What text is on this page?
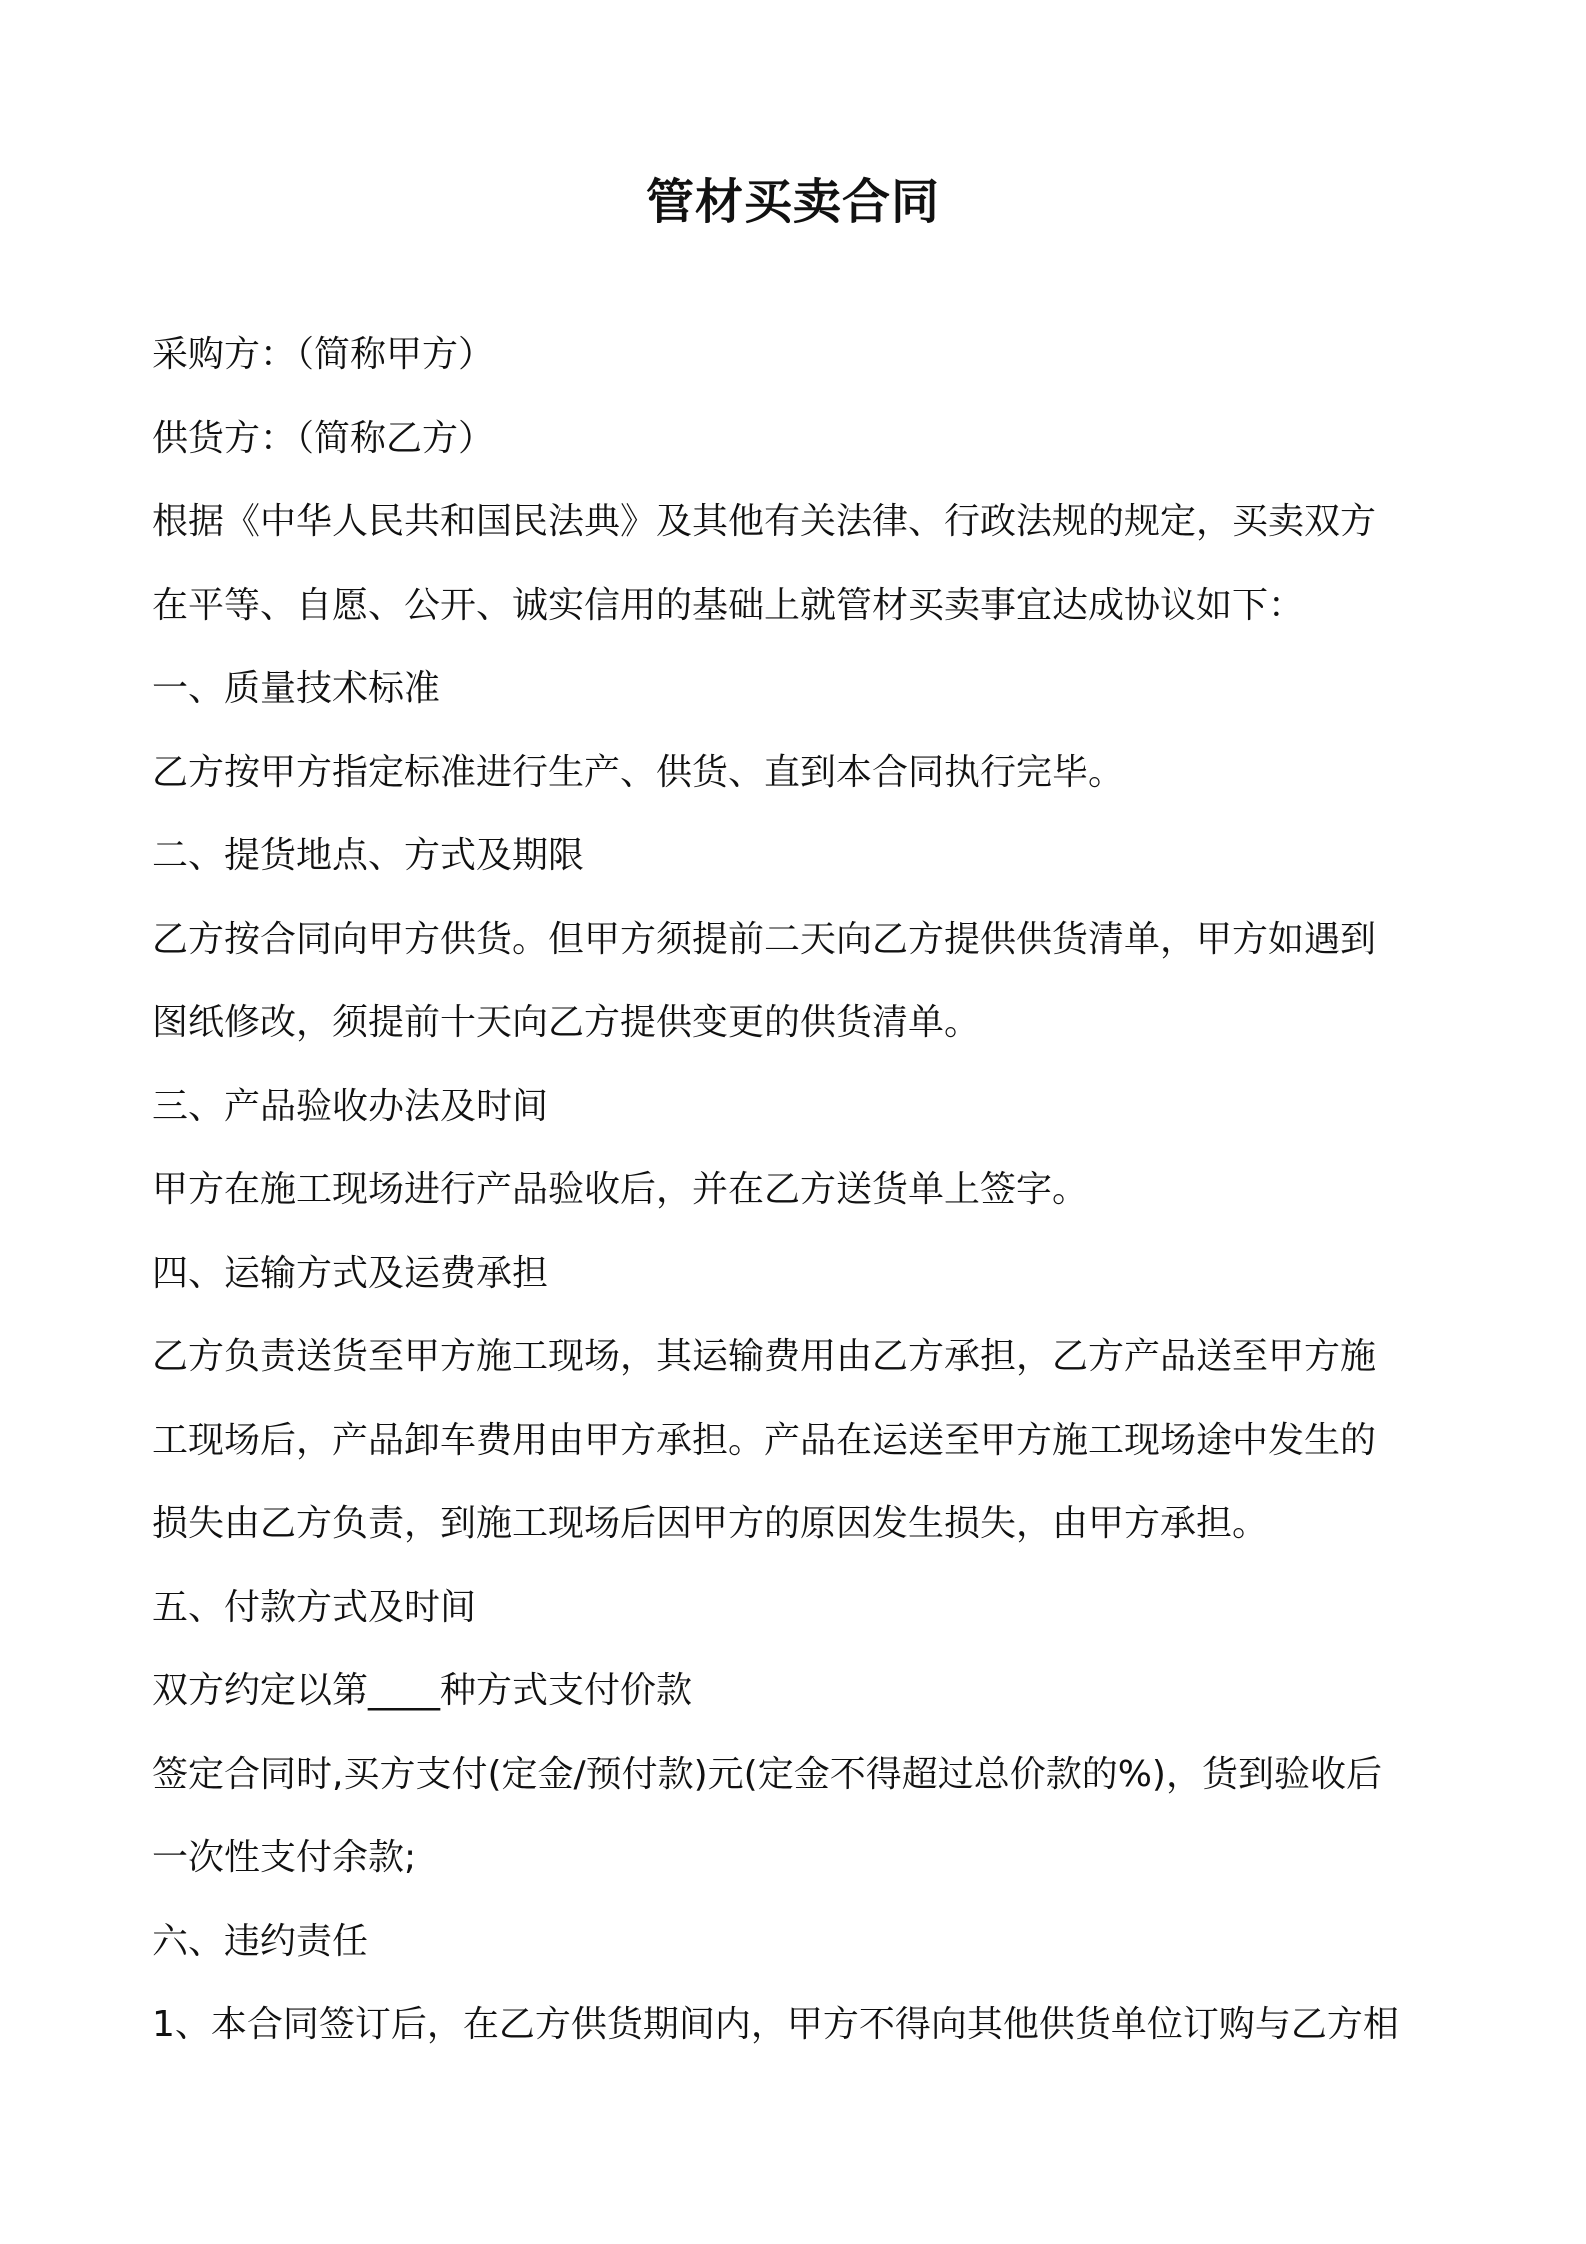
管材买卖合同
采购方：（简称甲方）
供货方：（简称乙方）
根据《中华人民共和国民法典》及其他有关法律、行政法规的规定，买卖双方
在平等、自愿、公开、诚实信用的基础上就管材买卖事宜达成协议如下：
一、质量技术标准
乙方按甲方指定标准进行生产、供货、直到本合同执行完毕。
二、提货地点、方式及期限
乙方按合同向甲方供货。但甲方须提前二天向乙方提供供货清单，甲方如遇到
图纸修改，须提前十天向乙方提供变更的供货清单。
三、产品验收办法及时间
甲方在施工现场进行产品验收后，并在乙方送货单上签字。
四、运输方式及运费承担
乙方负责送货至甲方施工现场，其运输费用由乙方承担，乙方产品送至甲方施
工现场后，产品卸车费用由甲方承担。产品在运送至甲方施工现场途中发生的
损失由乙方负责，到施工现场后因甲方的原因发生损失，由甲方承担。
五、付款方式及时间
双方约定以第____种方式支付价款
签定合同时,买方支付(定金/预付款)元(定金不得超过总价款的%)，货到验收后
一次性支付余款;
六、违约责任
1、本合同签订后，在乙方供货期间内，甲方不得向其他供货单位订购与乙方相
